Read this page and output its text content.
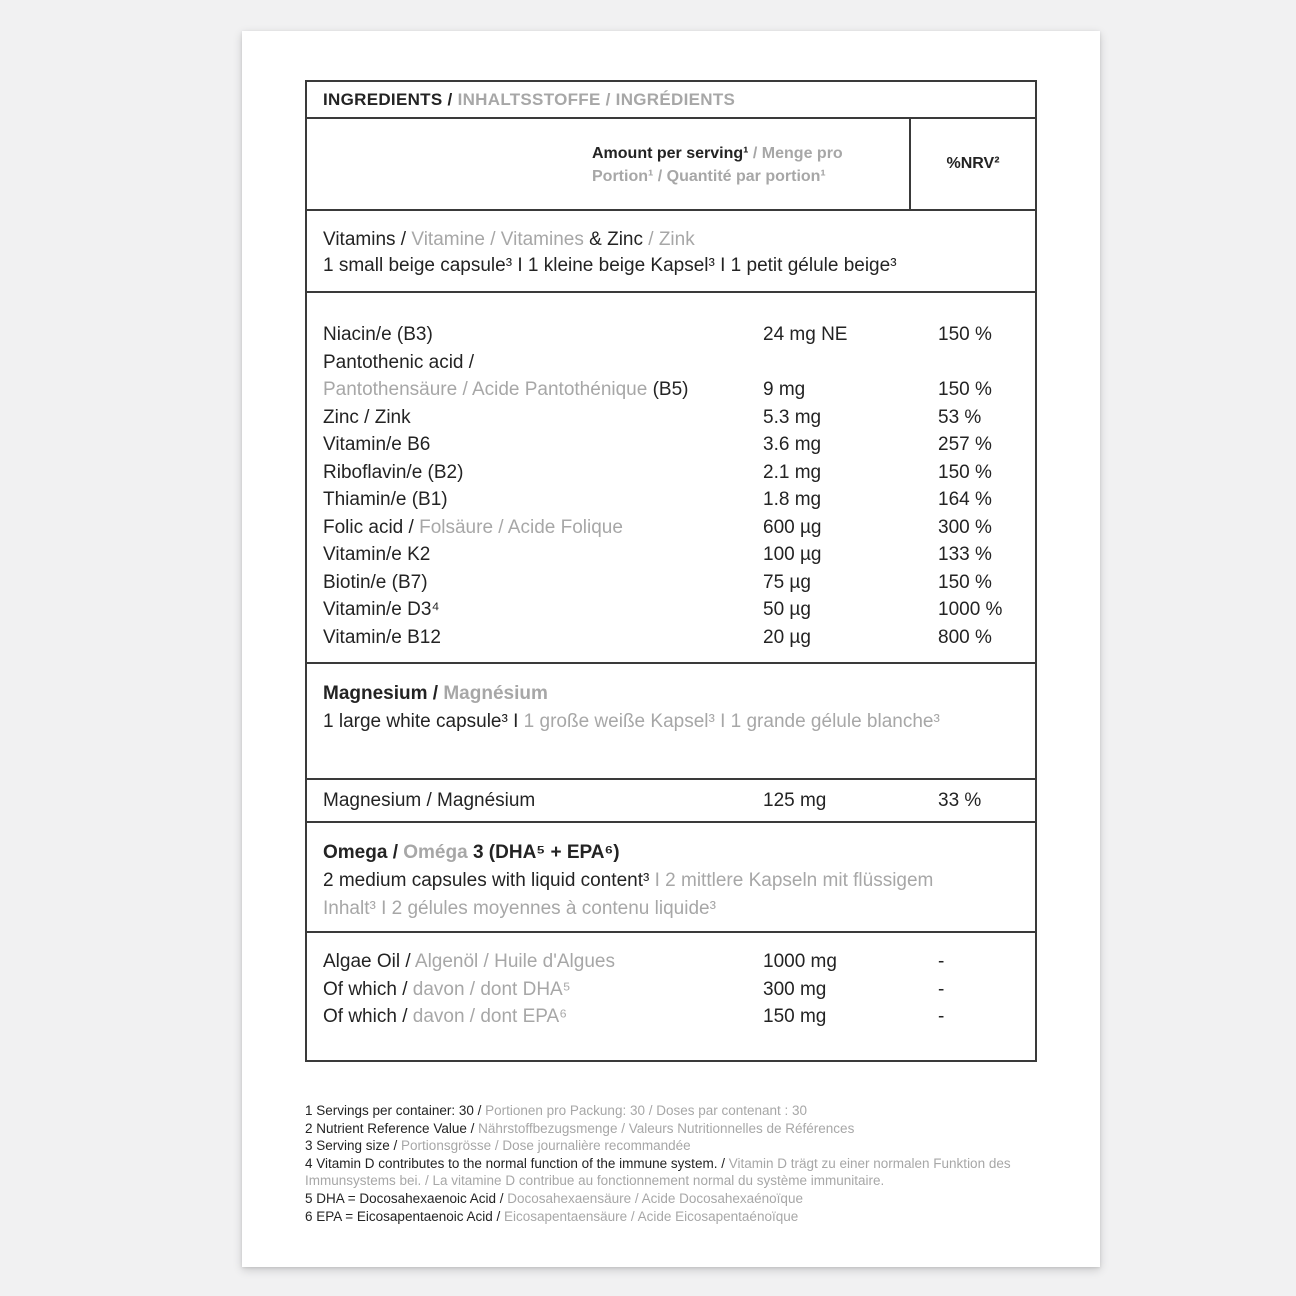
INGREDIENTS / INHALTSSTOFFE / INGRÉDIENTS
Amount per serving¹ / Menge pro Portion¹ / Quantité par portion¹
%NRV²
Vitamins / Vitamine / Vitamines & Zinc / Zink
1 small beige capsule³ I 1 kleine beige Kapsel³ I 1 petit gélule beige³
Niacin/e (B3)	24 mg NE	150 %
Pantothenic acid /
Pantothensäure / Acide Pantothénique (B5)	9 mg	150 %
Zinc / Zink	5.3 mg	53 %
Vitamin/e B6	3.6 mg	257 %
Riboflavin/e (B2)	2.1 mg	150 %
Thiamin/e (B1)	1.8 mg	164 %
Folic acid / Folsäure / Acide Folique	600 µg	300 %
Vitamin/e K2	100 µg	133 %
Biotin/e (B7)	75 µg	150 %
Vitamin/e D3⁴	50 µg	1000 %
Vitamin/e B12	20 µg	800 %
Magnesium / Magnésium
1 large white capsule³ I 1 große weiße Kapsel³ I 1 grande gélule blanche³
Magnesium / Magnésium	125 mg	33 %
Omega / Oméga 3 (DHA⁵ + EPA⁶)
2 medium capsules with liquid content³ I 2 mittlere Kapseln mit flüssigem Inhalt³ I 2 gélules moyennes à contenu liquide³
Algae Oil / Algenöl / Huile d'Algues	1000 mg	-
Of which / davon / dont DHA⁵	300 mg	-
Of which / davon / dont EPA⁶	150 mg	-
1 Servings per container: 30 / Portionen pro Packung: 30 / Doses par contenant : 30
2 Nutrient Reference Value / Nährstoffbezugsmenge / Valeurs Nutritionnelles de Références
3 Serving size / Portionsgrösse / Dose journalière recommandée
4 Vitamin D contributes to the normal function of the immune system. / Vitamin D trägt zu einer normalen Funktion des Immunsystems bei. / La vitamine D contribue au fonctionnement normal du système immunitaire.
5 DHA = Docosahexaenoic Acid / Docosahexaensäure / Acide Docosahexaénoïque
6 EPA = Eicosapentaenoic Acid / Eicosapentaensäure / Acide Eicosapentaénoïque
